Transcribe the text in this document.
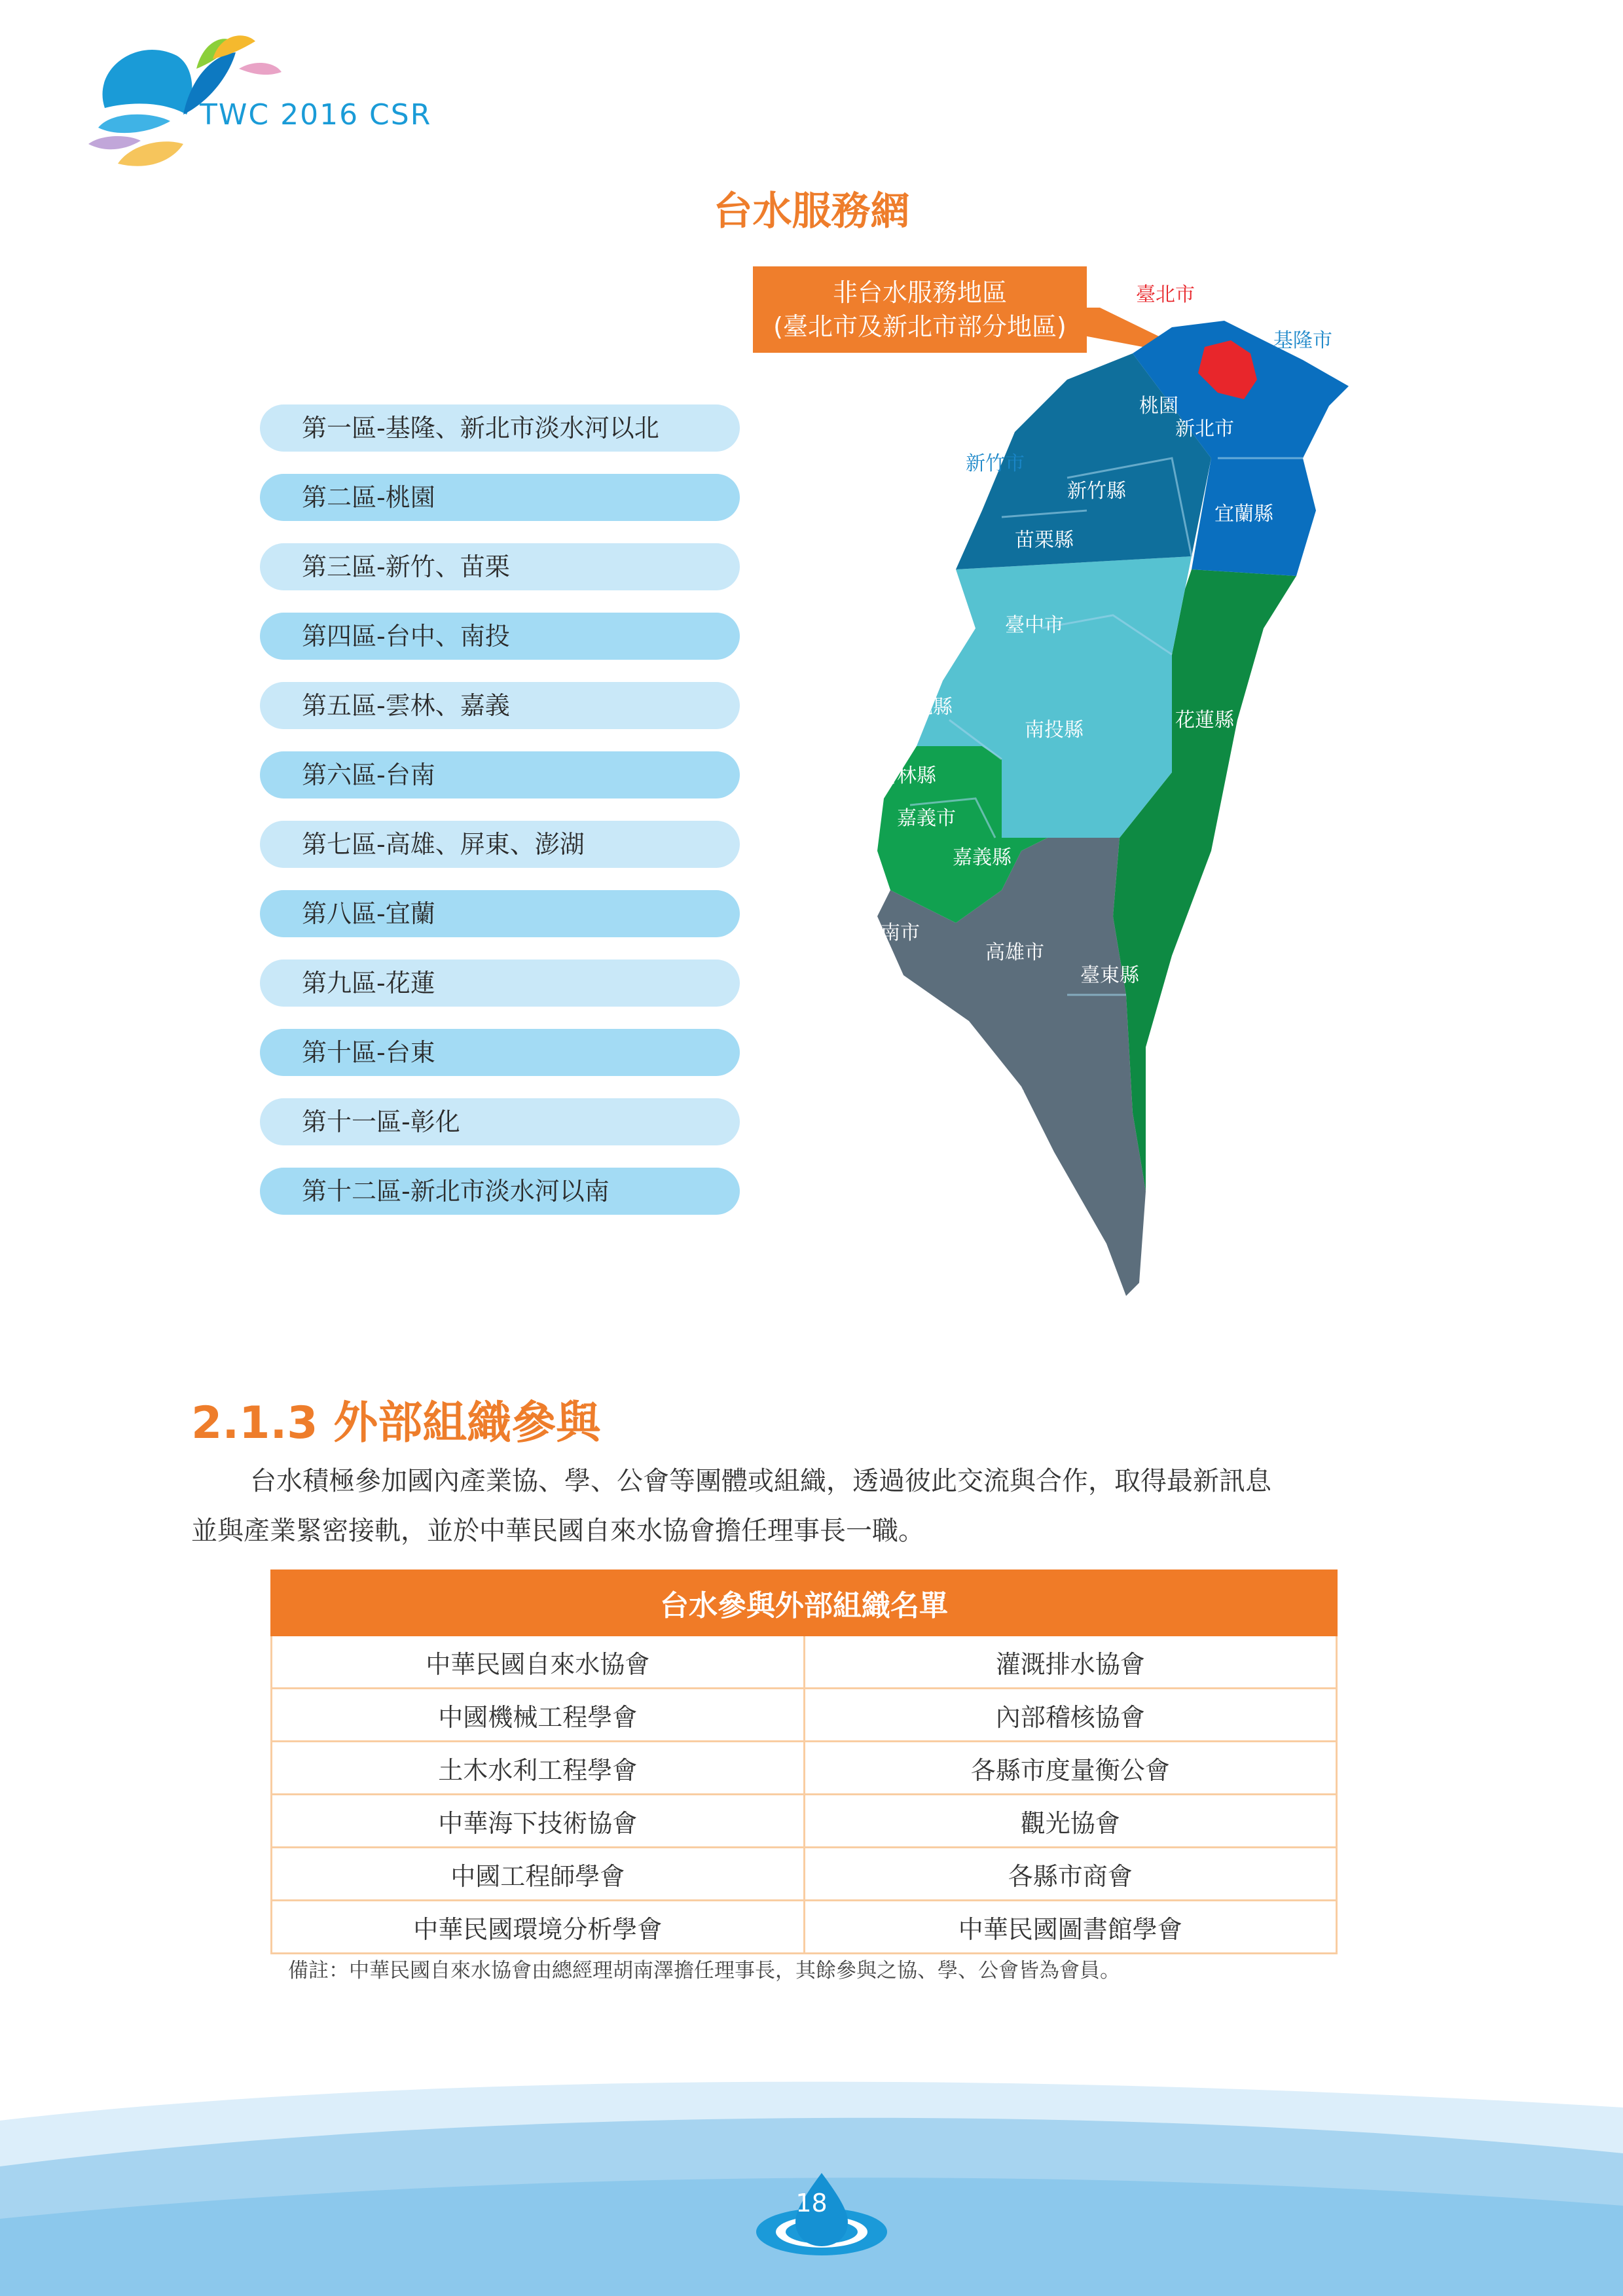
TWC 2016 CSR
台水服務網
非台水服務地區
(臺北市及新北市部分地區)
第一區-基隆、新北市淡水河以北
第二區-桃園
第三區-新竹、苗栗
第四區-台中、南投
第五區-雲林、嘉義
第六區-台南
第七區-高雄、屏東、澎湖
第八區-宜蘭
第九區-花蓮
第十區-台東
第十一區-彰化
第十二區-新北市淡水河以南
桃園
新北市
新竹縣
宜蘭縣
苗栗縣
臺中市
彰化縣
南投縣	花蓮縣
雲林縣
嘉義市
嘉義縣
臺南市
高雄市
臺東縣
屏東縣
臺北市
基隆市
新竹市
2.1.3 外部組織參與

台水積極參加國內產業協、學、公會等團體或組織，透過彼此交流與合作，取得最新訊息

並與產業緊密接軌，並於中華民國自來水協會擔任理事長一職。

台水參與外部組織名單	
中華民國自來水協會	灌溉排水協會
中國機械工程學會	內部稽核協會
土木水利工程學會	各縣市度量衡公會
中華海下技術協會	觀光協會
中國工程師學會	各縣市商會
中華民國環境分析學會	中華民國圖書館學會
備註：中華民國自來水協會由總經理胡南澤擔任理事長，其餘參與之協、學、公會皆為會員。
18
